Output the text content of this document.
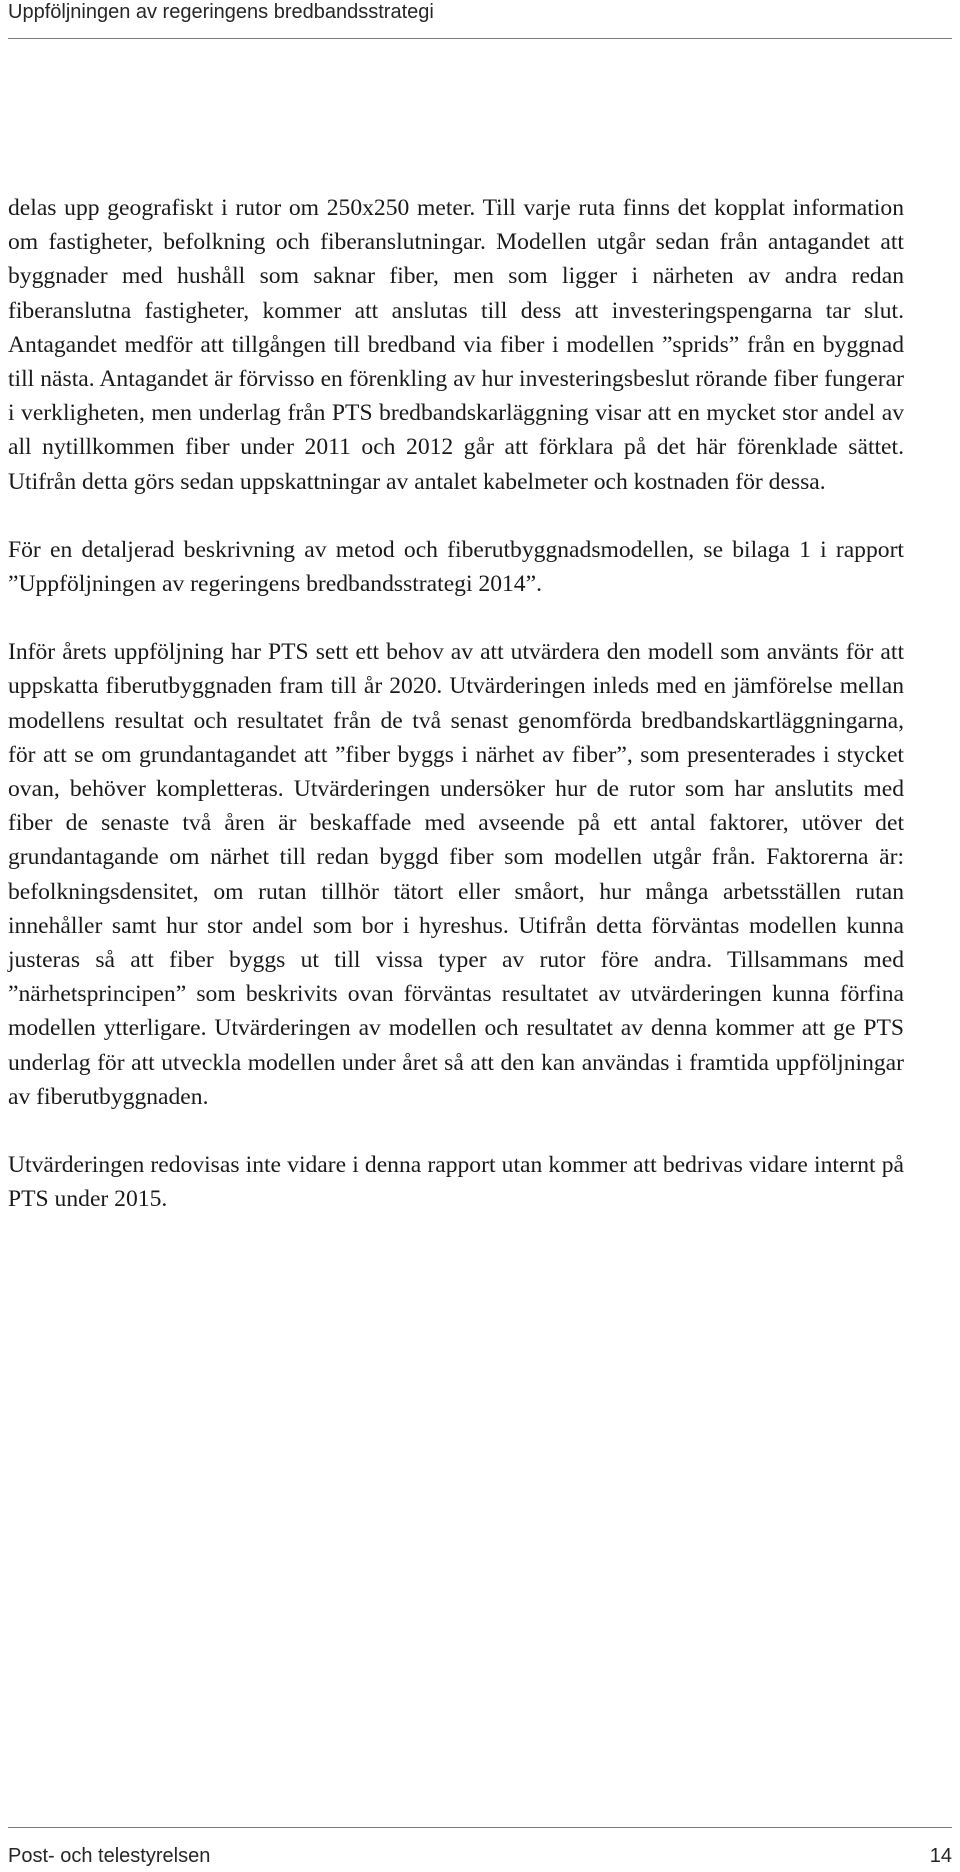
Uppföljningen av regeringens bredbandsstrategi

delas upp geografiskt i rutor om 250x250 meter. Till varje ruta finns det kopplat information om fastigheter, befolkning och fiberanslutningar. Modellen utgår sedan från antagandet att byggnader med hushåll som saknar fiber, men som ligger i närheten av andra redan fiberanslutna fastigheter, kommer att anslutas till dess att investeringspengarna tar slut. Antagandet medför att tillgången till bredband via fiber i modellen ”sprids” från en byggnad till nästa. Antagandet är förvisso en förenkling av hur investeringsbeslut rörande fiber fungerar i verkligheten, men underlag från PTS bredbandskarläggning visar att en mycket stor andel av all nytillkommen fiber under 2011 och 2012 går att förklara på det här förenklade sättet. Utifrån detta görs sedan uppskattningar av antalet kabelmeter och kostnaden för dessa.

För en detaljerad beskrivning av metod och fiberutbyggnadsmodellen, se bilaga 1 i rapport ”Uppföljningen av regeringens bredbandsstrategi 2014”.

Inför årets uppföljning har PTS sett ett behov av att utvärdera den modell som använts för att uppskatta fiberutbyggnaden fram till år 2020. Utvärderingen inleds med en jämförelse mellan modellens resultat och resultatet från de två senast genomförda bredbandskartläggningarna, för att se om grundantagandet att ”fiber byggs i närhet av fiber”, som presenterades i stycket ovan, behöver kompletteras. Utvärderingen undersöker hur de rutor som har anslutits med fiber de senaste två åren är beskaffade med avseende på ett antal faktorer, utöver det grundantagande om närhet till redan byggd fiber som modellen utgår från. Faktorerna är: befolkningsdensitet, om rutan tillhör tätort eller småort, hur många arbetsställen rutan innehåller samt hur stor andel som bor i hyreshus. Utifrån detta förväntas modellen kunna justeras så att fiber byggs ut till vissa typer av rutor före andra. Tillsammans med ”närhetsprincipen” som beskrivits ovan förväntas resultatet av utvärderingen kunna förfina modellen ytterligare. Utvärderingen av modellen och resultatet av denna kommer att ge PTS underlag för att utveckla modellen under året så att den kan användas i framtida uppföljningar av fiberutbyggnaden.

Utvärderingen redovisas inte vidare i denna rapport utan kommer att bedrivas vidare internt på PTS under 2015.

Post- och telestyrelsen	14
